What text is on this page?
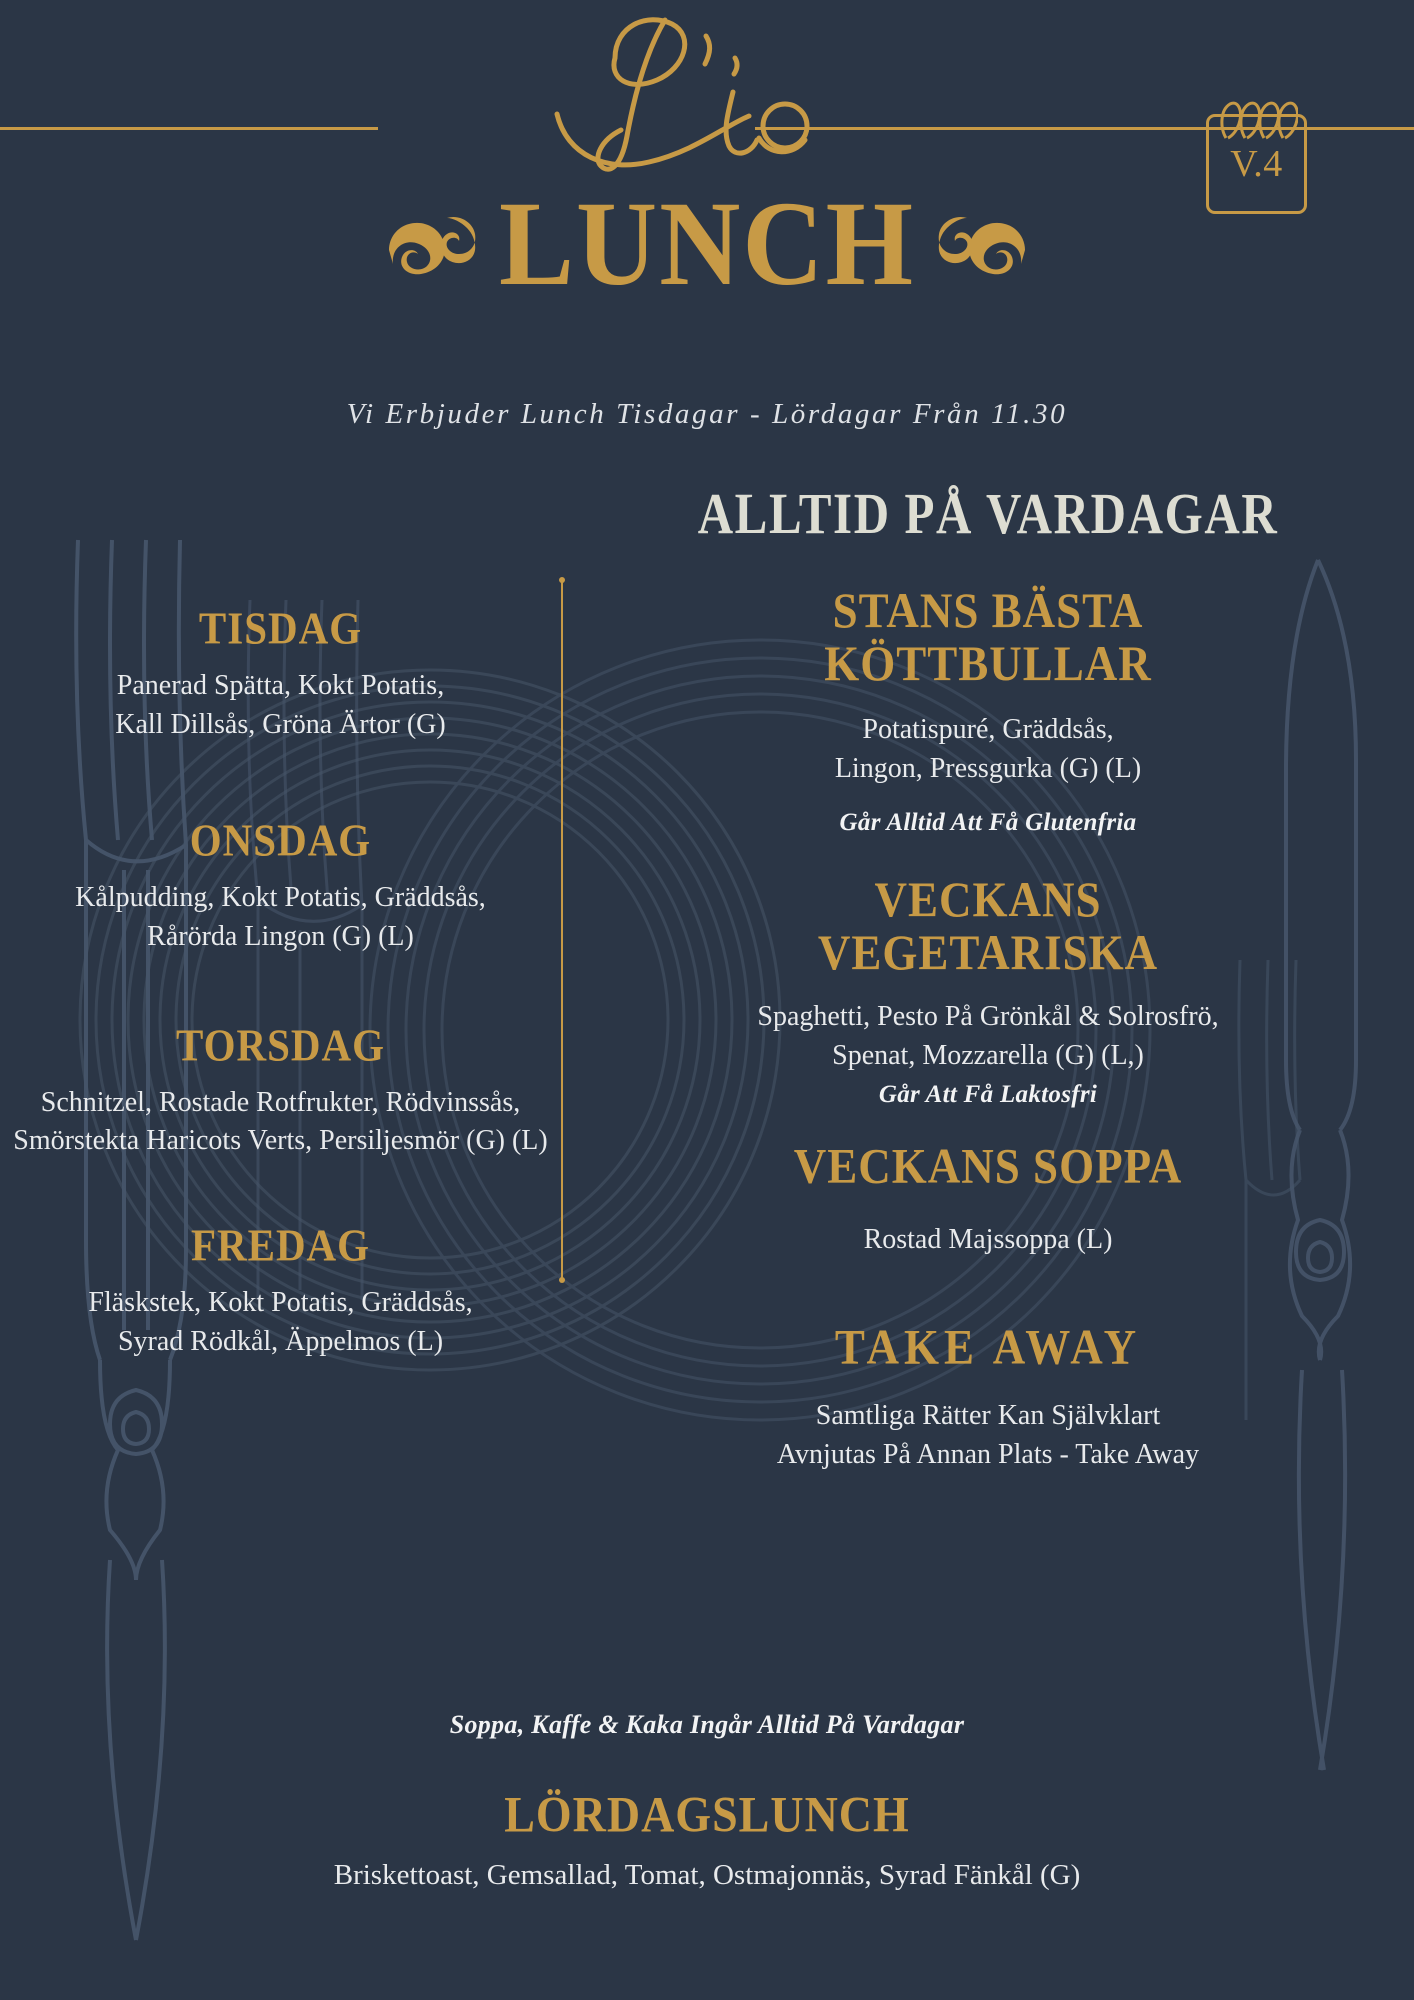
V.4
LUNCH
Vi Erbjuder Lunch Tisdagar - Lördagar Från 11.30
ALLTID PÅ VARDAGAR
TISDAG
Panerad Spätta, Kokt Potatis,
Kall Dillsås, Gröna Ärtor (G)
ONSDAG
Kålpudding, Kokt Potatis, Gräddsås,
Rårörda Lingon (G) (L)
TORSDAG
Schnitzel, Rostade Rotfrukter, Rödvinssås,
Smörstekta Haricots Verts, Persiljesmör (G) (L)
FREDAG
Fläskstek, Kokt Potatis, Gräddsås,
Syrad Rödkål, Äppelmos (L)
STANS BÄSTA
KÖTTBULLAR
Potatispuré, Gräddsås,
Lingon, Pressgurka (G) (L)
Går Alltid Att Få Glutenfria
VECKANS
VEGETARISKA
Spaghetti, Pesto På Grönkål & Solrosfrö,
Spenat, Mozzarella (G) (L,)
Går Att Få Laktosfri
VECKANS SOPPA
Rostad Majssoppa (L)
TAKE AWAY
Samtliga Rätter Kan Självklart
Avnjutas På Annan Plats - Take Away
Soppa, Kaffe & Kaka Ingår Alltid På Vardagar
LÖRDAGSLUNCH
Briskettoast, Gemsallad, Tomat, Ostmajonnäs, Syrad Fänkål (G)
